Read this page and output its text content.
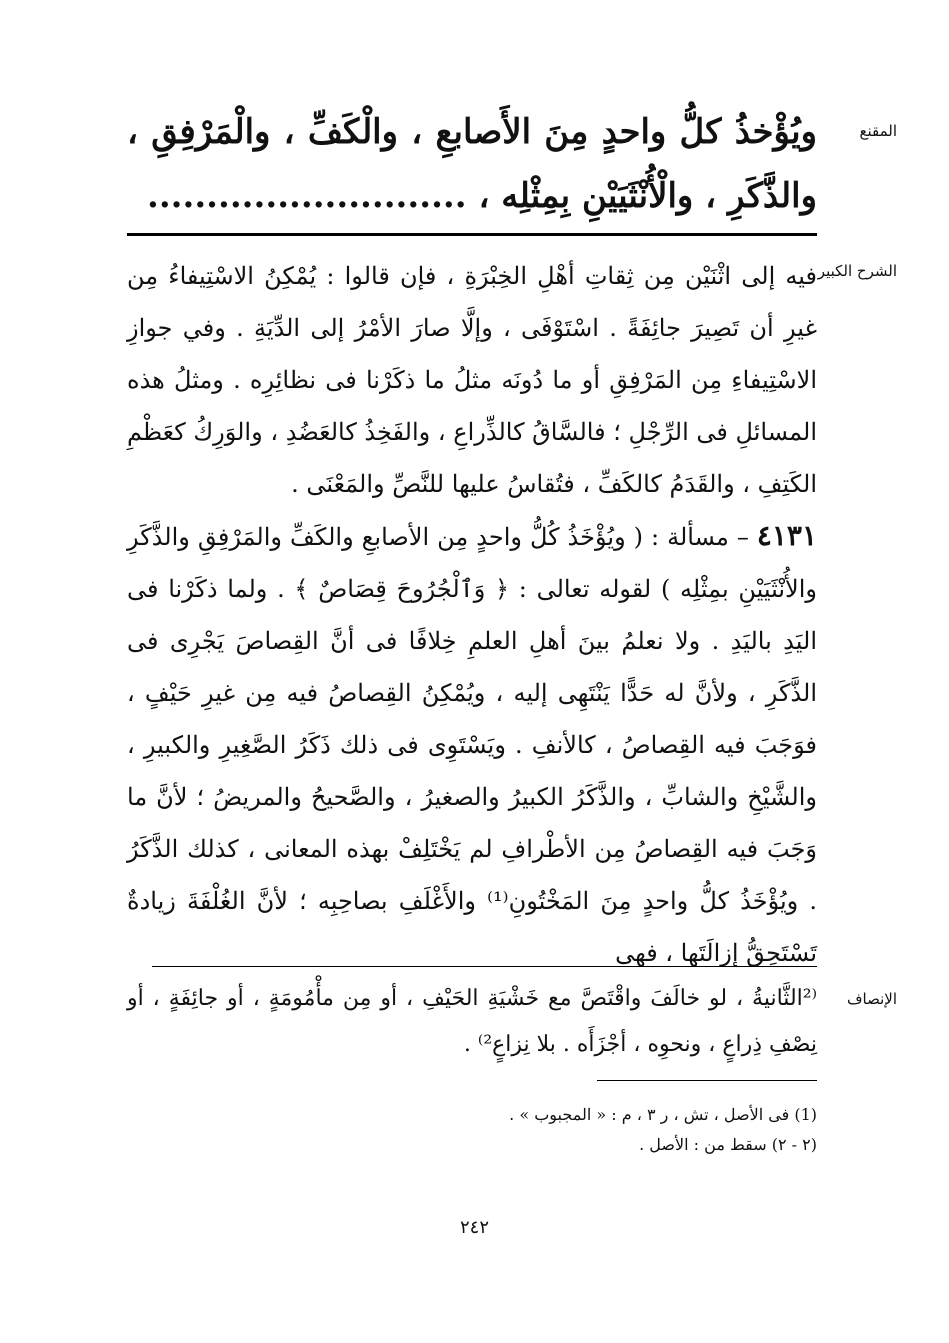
المقنع
ويُؤْخذُ كلُّ واحدٍ مِنَ الأَصابعِ ، والْكَفِّ ، والْمَرْفِقِ ، والذَّكَرِ ، والْأُنْثَيَيْنِ بِمِثْلِه ، ...........................
الشرح الكبير

فيه إلى اثْنَيْن مِن ثِقاتِ أهْلِ الخِبْرَةِ ، فإن قالوا : يُمْكِنُ الاسْتِيفاءُ مِن غيرِ أن تَصِيرَ جائِفَةً . اسْتَوْفَى ، وإلَّا صارَ الأمْرُ إلى الدِّيَةِ . وفي جوازِ الاسْتِيفاءِ مِن المَرْفِقِ أو ما دُونَه مثلُ ما ذكَرْنا فى نظائِرِه . ومثلُ هذه المسائلِ فى الرِّجْلِ ؛ فالسَّاقُ كالذِّراعِ ، والفَخِذُ كالعَضُدِ ، والوَرِكُ كعَظْمِ الكَتِفِ ، والقَدَمُ كالكَفِّ ، فتُقاسُ عليها للنَّصِّ والمَعْنَى .

٤١٣١ – مسألة : ( ويُؤْخَذُ كُلُّ واحدٍ مِن الأصابعِ والكَفِّ والمَرْفِقِ والذَّكَرِ والأُنْثَيَيْنِ بمِثْلِه ) لقوله تعالى : ﴿ وَٱلْجُرُوحَ قِصَاصٌ ﴾ . ولما ذكَرْنا فى اليَدِ باليَدِ . ولا نعلمُ بينَ أهلِ العلمِ خِلافًا فى أنَّ القِصاصَ يَجْرِى فى الذَّكَرِ ، ولأنَّ له حَدًّا يَنْتَهِى إليه ، ويُمْكِنُ القِصاصُ فيه مِن غيرِ حَيْفٍ ، فوَجَبَ فيه القِصاصُ ، كالأنفِ . ويَسْتَوِى فى ذلك ذَكَرُ الصَّغِيرِ والكبيرِ ، والشَّيْخِ والشابِّ ، والذَّكَرُ الكبيرُ والصغيرُ ، والصَّحيحُ والمريضُ ؛ لأنَّ ما وَجَبَ فيه القِصاصُ مِن الأطْرافِ لم يَخْتَلِفْ بهذه المعانى ، كذلك الذَّكَرُ . ويُؤْخَذُ كلُّ واحدٍ مِنَ المَخْتُونِ⁽¹⁾ والأَغْلَفِ بصاحِبِه ؛ لأنَّ الغُلْفَةَ زيادةٌ تَسْتَحِقُّ إزالَتَها ، فهى

الإنصاف
⁽²الثَّانيةُ ، لو خالَفَ واقْتَصَّ مع خَشْيَةِ الحَيْفِ ، أو مِن مأْمُومَةٍ ، أو جائِفَةٍ ، أو نِصْفِ ذِراعٍ ، ونحوِه ، أجْزَأَه . بلا نِزاعٍ²⁾ .
(1) فى الأصل ، تش ، ر ٣ ، م : « المجبوب » .
(٢ - ٢) سقط من : الأصل .
٢٤٢
